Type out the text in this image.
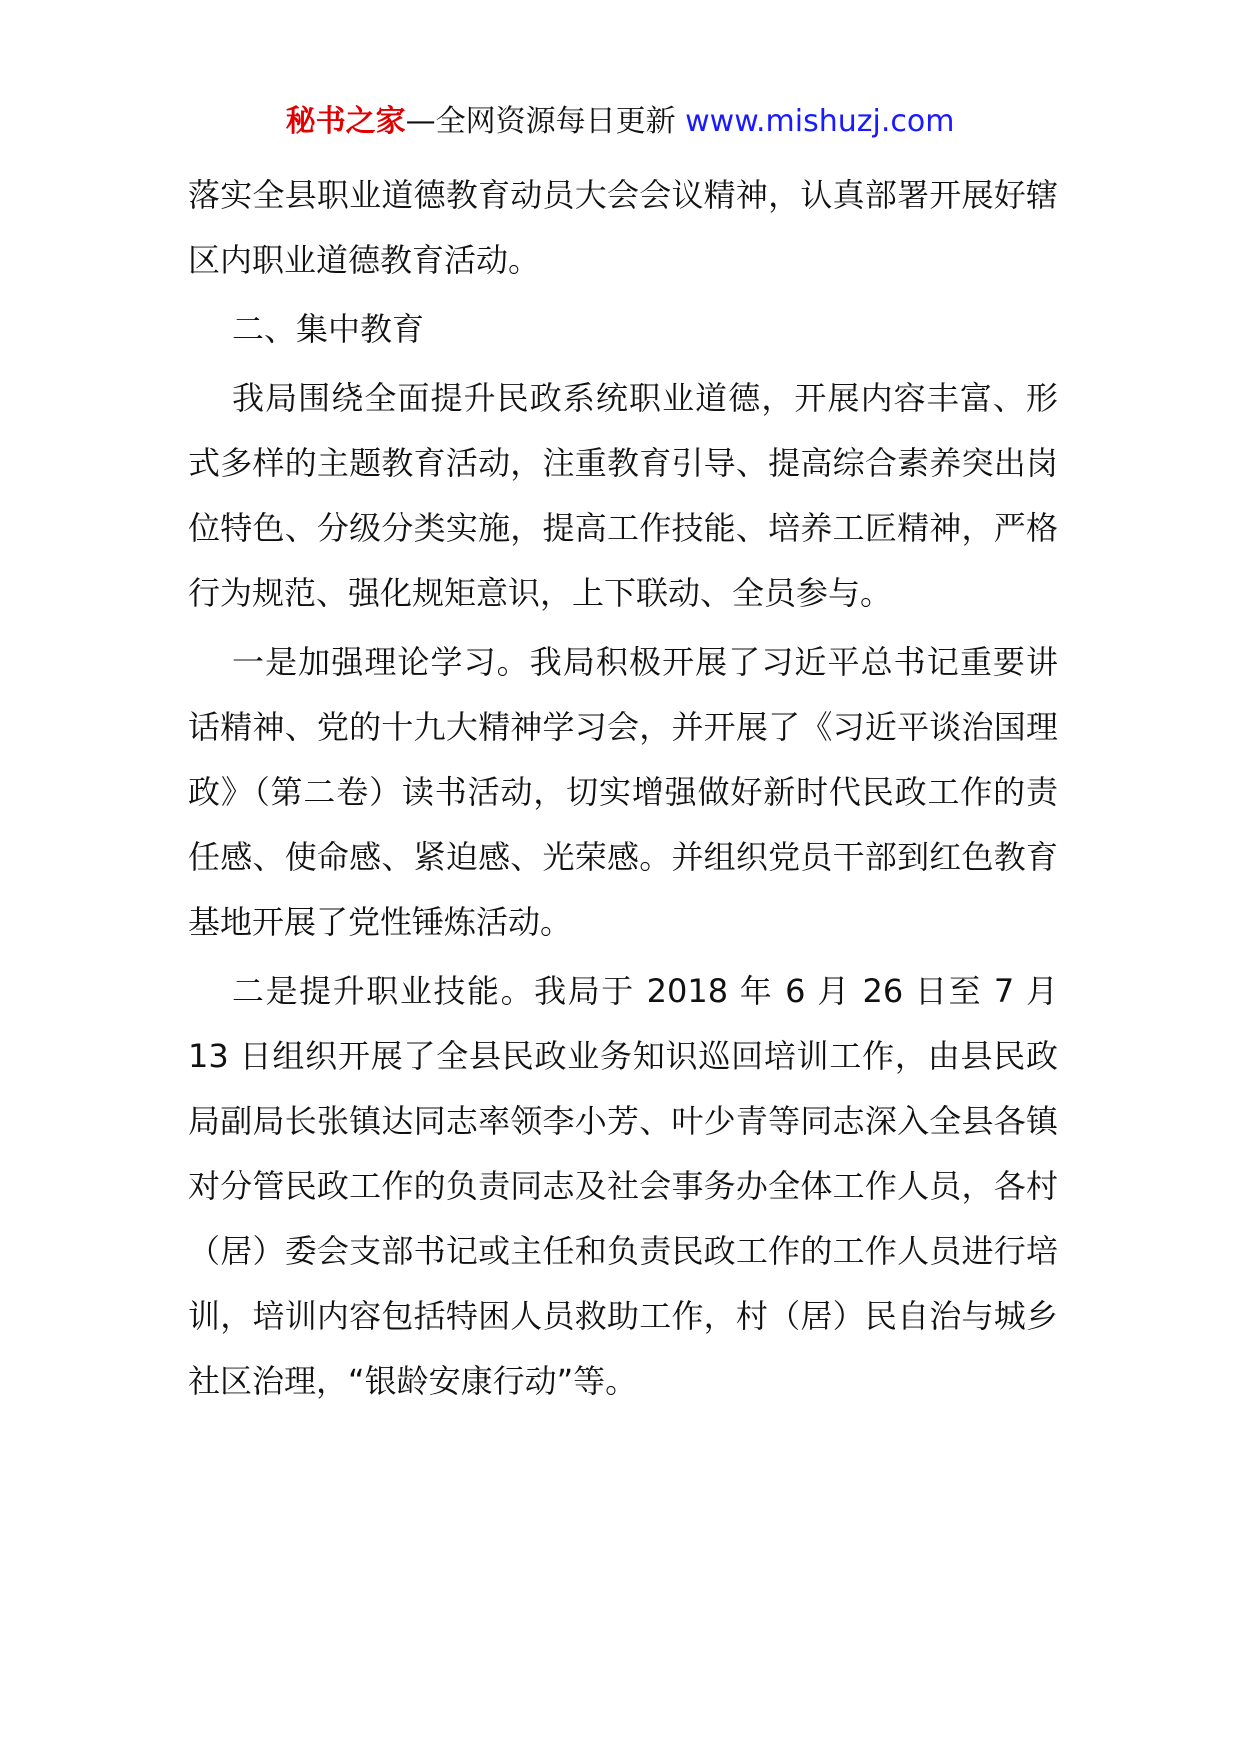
秘书之家—全网资源每日更新 www.mishuzj.com

落实全县职业道德教育动员大会会议精神，认真部署开展好辖区内职业道德教育活动。

二、集中教育

我局围绕全面提升民政系统职业道德，开展内容丰富、形式多样的主题教育活动，注重教育引导、提高综合素养突出岗位特色、分级分类实施，提高工作技能、培养工匠精神，严格行为规范、强化规矩意识，上下联动、全员参与。

一是加强理论学习。我局积极开展了习近平总书记重要讲话精神、党的十九大精神学习会，并开展了《习近平谈治国理政》（第二卷）读书活动，切实增强做好新时代民政工作的责任感、使命感、紧迫感、光荣感。并组织党员干部到红色教育基地开展了党性锤炼活动。

二是提升职业技能。我局于 2018 年 6 月 26 日至 7 月 13 日组织开展了全县民政业务知识巡回培训工作，由县民政局副局长张镇达同志率领李小芳、叶少青等同志深入全县各镇对分管民政工作的负责同志及社会事务办全体工作人员，各村（居）委会支部书记或主任和负责民政工作的工作人员进行培训，培训内容包括特困人员救助工作，村（居）民自治与城乡社区治理，“银龄安康行动”等。
